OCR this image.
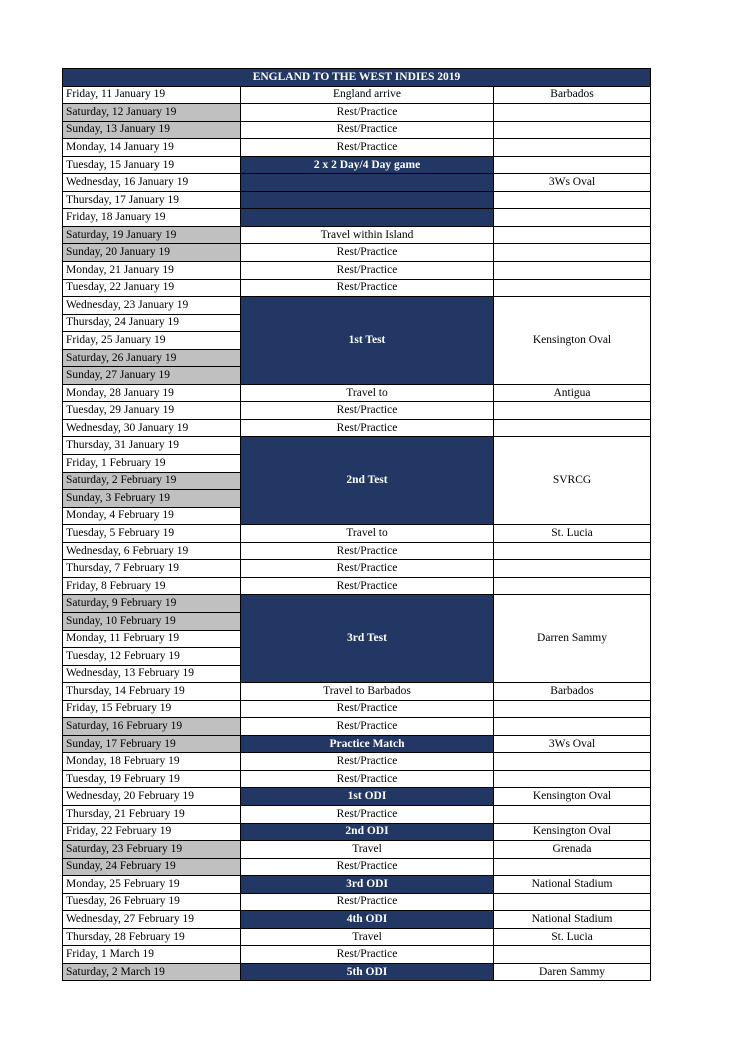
ENGLAND TO THE WEST INDIES 2019		
Friday, 11 January 19	England arrive	Barbados
Saturday, 12 January 19	Rest/Practice	
Sunday, 13 January 19	Rest/Practice	
Monday, 14 January 19	Rest/Practice	
Tuesday, 15 January 19	2 x 2 Day/4 Day game	
Wednesday, 16 January 19		3Ws Oval
Thursday, 17 January 19		
Friday, 18 January 19		
Saturday, 19 January 19	Travel within Island	
Sunday, 20 January 19	Rest/Practice	
Monday, 21 January 19	Rest/Practice	
Tuesday, 22 January 19	Rest/Practice	
Wednesday, 23 January 19	1st Test	Kensington Oval
Thursday, 24 January 19		
Friday, 25 January 19		
Saturday, 26 January 19		
Sunday, 27 January 19		
Monday, 28 January 19	Travel to	Antigua
Tuesday, 29 January 19	Rest/Practice	
Wednesday, 30 January 19	Rest/Practice	
Thursday, 31 January 19	2nd Test	SVRCG
Friday, 1 February 19		
Saturday, 2 February 19		
Sunday, 3 February 19		
Monday, 4 February 19		
Tuesday, 5 February 19	Travel to	St. Lucia
Wednesday, 6 February 19	Rest/Practice	
Thursday, 7 February 19	Rest/Practice	
Friday, 8 February 19	Rest/Practice	
Saturday, 9 February 19	3rd Test	Darren Sammy
Sunday, 10 February 19		
Monday, 11 February 19		
Tuesday, 12 February 19		
Wednesday, 13 February 19		
Thursday, 14 February 19	Travel to Barbados	Barbados
Friday, 15 February 19	Rest/Practice	
Saturday, 16 February 19	Rest/Practice	
Sunday, 17 February 19	Practice Match	3Ws Oval
Monday, 18 February 19	Rest/Practice	
Tuesday, 19 February 19	Rest/Practice	
Wednesday, 20 February 19	1st ODI	Kensington Oval
Thursday, 21 February 19	Rest/Practice	
Friday, 22 February 19	2nd ODI	Kensington Oval
Saturday, 23 February 19	Travel	Grenada
Sunday, 24 February 19	Rest/Practice	
Monday, 25 February 19	3rd ODI	National Stadium
Tuesday, 26 February 19	Rest/Practice	
Wednesday, 27 February 19	4th ODI	National Stadium
Thursday, 28 February 19	Travel	St. Lucia
Friday, 1 March 19	Rest/Practice	
Saturday, 2 March 19	5th ODI	Daren Sammy
